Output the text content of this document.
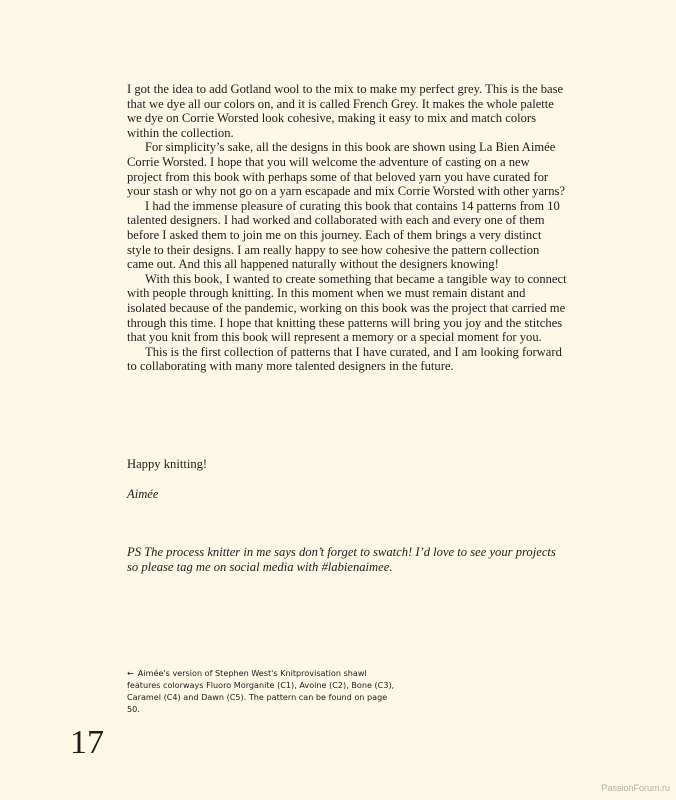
I got the idea to add Gotland wool to the mix to make my perfect grey. This is the base that we dye all our colors on, and it is called French Grey. It makes the whole palette we dye on Corrie Worsted look cohesive, making it easy to mix and match colors within the collection.

For simplicity’s sake, all the designs in this book are shown using La Bien Aimée Corrie Worsted. I hope that you will welcome the adventure of casting on a new project from this book with perhaps some of that beloved yarn you have curated for your stash or why not go on a yarn escapade and mix Corrie Worsted with other yarns?

I had the immense pleasure of curating this book that contains 14 patterns from 10 talented designers. I had worked and collaborated with each and every one of them before I asked them to join me on this journey. Each of them brings a very distinct style to their designs. I am really happy to see how cohesive the pattern collection came out. And this all happened naturally without the designers knowing!

With this book, I wanted to create something that became a tangible way to connect with people through knitting. In this moment when we must remain distant and isolated because of the pandemic, working on this book was the project that carried me through this time. I hope that knitting these patterns will bring you joy and the stitches that you knit from this book will represent a memory or a special moment for you.

This is the first collection of patterns that I have curated, and I am looking forward to collaborating with many more talented designers in the future.

Happy knitting!
Aimée
PS The process knitter in me says don’t forget to swatch! I’d love to see your projects so please tag me on social media with #labienaimee.
← Aimée's version of Stephen West's Knitprovisation shawl features colorways Fluoro Morganite (C1), Avoine (C2), Bone (C3), Caramel (C4) and Dawn (C5). The pattern can be found on page 50.
17
PassionForum.ru
